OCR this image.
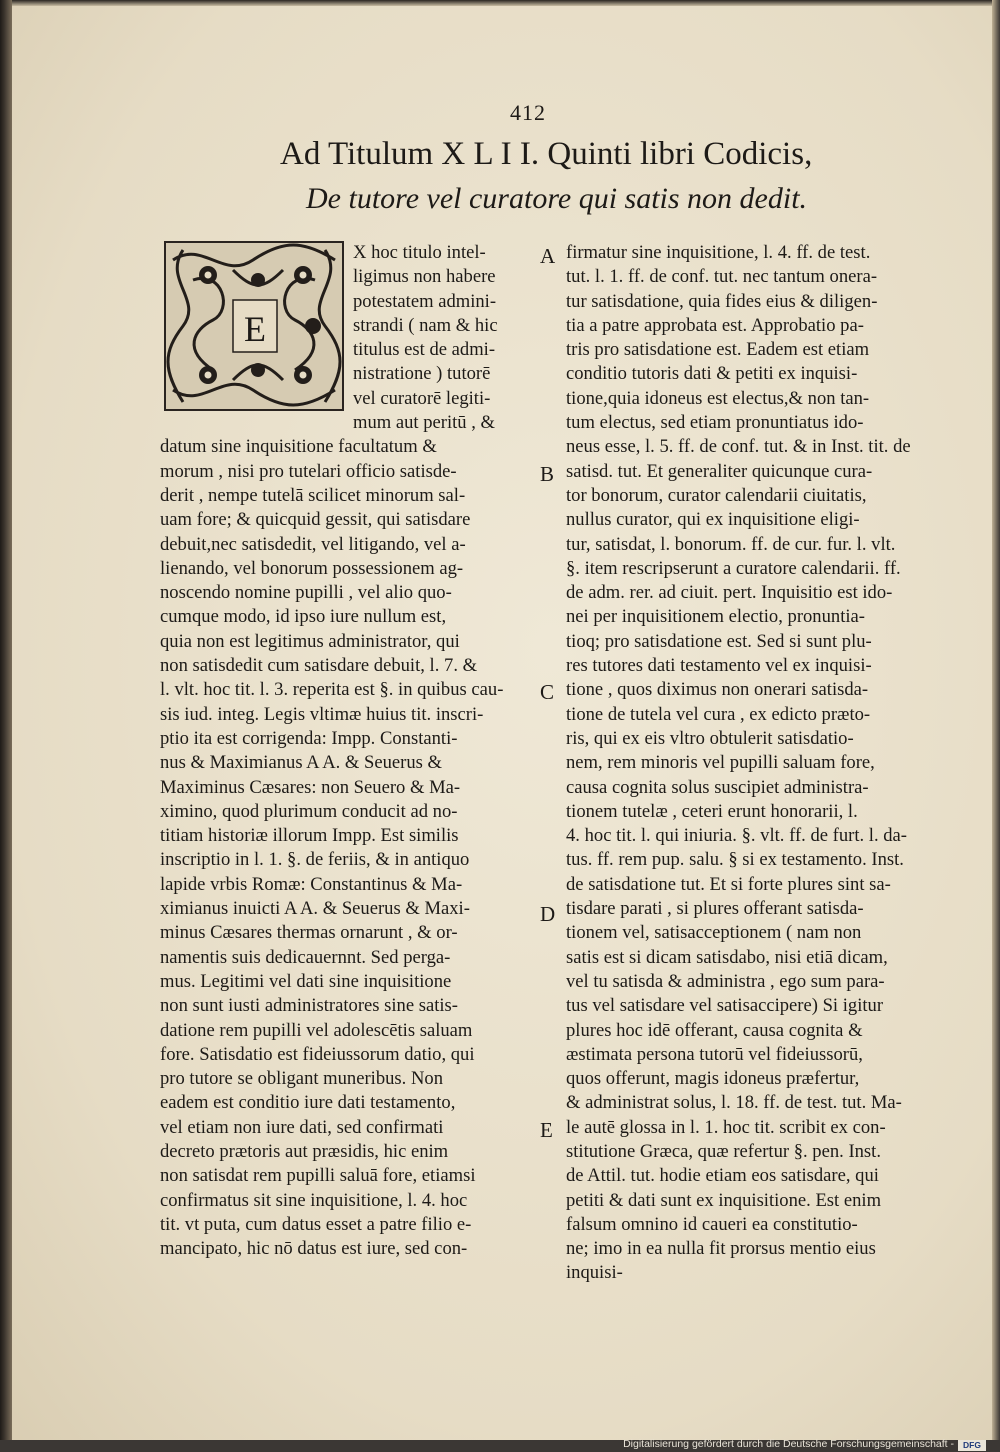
412
Ad Titulum X L I I. Quinti libri Codicis,
De tutore vel curatore qui satis non dedit.
E
X hoc titulo intel-
ligimus non habere
potestatem admini-
strandi ( nam & hic
titulus est de admi-
nistratione ) tutorē
vel curatorē legiti-
mum aut peritū , &
datum sine inquisitione facultatum &
morum , nisi pro tutelari officio satisde-
derit , nempe tutelā scilicet minorum sal-
uam fore; & quicquid gessit, qui satisdare
debuit,nec satisdedit, vel litigando, vel a-
lienando, vel bonorum possessionem ag-
noscendo nomine pupilli , vel alio quo-
cumque modo, id ipso iure nullum est,
quia non est legitimus administrator, qui
non satisdedit cum satisdare debuit, l. 7. &
l. vlt. hoc tit. l. 3. reperita est §. in quibus cau-
sis iud. integ. Legis vltimæ huius tit. inscri-
ptio ita est corrigenda: Impp. Constanti-
nus & Maximianus A A. & Seuerus &
Maximinus Cæsares: non Seuero & Ma-
ximino, quod plurimum conducit ad no-
titiam historiæ illorum Impp. Est similis
inscriptio in l. 1. §. de feriis, & in antiquo
lapide vrbis Romæ: Constantinus & Ma-
ximianus inuicti A A. & Seuerus & Maxi-
minus Cæsares thermas ornarunt , & or-
namentis suis dedicauernnt. Sed perga-
mus. Legitimi vel dati sine inquisitione
non sunt iusti administratores sine satis-
datione rem pupilli vel adolescētis saluam
fore. Satisdatio est fideiussorum datio, qui
pro tutore se obligant muneribus. Non
eadem est conditio iure dati testamento,
vel etiam non iure dati, sed confirmati
decreto prætoris aut præsidis, hic enim
non satisdat rem pupilli saluā fore, etiamsi
confirmatus sit sine inquisitione, l. 4. hoc
tit. vt puta, cum datus esset a patre filio e-
mancipato, hic nō datus est iure, sed con-
firmatur sine inquisitione, l. 4. ff. de test.
tut. l. 1. ff. de conf. tut. nec tantum onera-
tur satisdatione, quia fides eius & diligen-
tia a patre approbata est. Approbatio pa-
tris pro satisdatione est. Eadem est etiam
conditio tutoris dati & petiti ex inquisi-
tione,quia idoneus est electus,& non tan-
tum electus, sed etiam pronuntiatus ido-
neus esse, l. 5. ff. de conf. tut. & in Inst. tit. de
satisd. tut. Et generaliter quicunque cura-
tor bonorum, curator calendarii ciuitatis,
nullus curator, qui ex inquisitione eligi-
tur, satisdat, l. bonorum. ff. de cur. fur. l. vlt.
§. item rescripserunt a curatore calendarii. ff.
de adm. rer. ad ciuit. pert. Inquisitio est ido-
nei per inquisitionem electio, pronuntia-
tioq; pro satisdatione est. Sed si sunt plu-
res tutores dati testamento vel ex inquisi-
tione , quos diximus non onerari satisda-
tione de tutela vel cura , ex edicto præto-
ris, qui ex eis vltro obtulerit satisdatio-
nem, rem minoris vel pupilli saluam fore,
causa cognita solus suscipiet administra-
tionem tutelæ , ceteri erunt honorarii, l.
4. hoc tit. l. qui iniuria. §. vlt. ff. de furt. l. da-
tus. ff. rem pup. salu. § si ex testamento. Inst.
de satisdatione tut. Et si forte plures sint sa-
tisdare parati , si plures offerant satisda-
tionem vel, satisacceptionem ( nam non
satis est si dicam satisdabo, nisi etiā dicam,
vel tu satisda & administra , ego sum para-
tus vel satisdare vel satisaccipere) Si igitur
plures hoc idē offerant, causa cognita &
æstimata persona tutorū vel fideiussorū,
quos offerunt, magis idoneus præfertur,
& administrat solus, l. 18. ff. de test. tut. Ma-
le autē glossa in l. 1. hoc tit. scribit ex con-
stitutione Græca, quæ refertur §. pen. Inst.
de Attil. tut. hodie etiam eos satisdare, qui
petiti & dati sunt ex inquisitione. Est enim
falsum omnino id caueri ea constitutio-
ne; imo in ea nulla fit prorsus mentio eius
inquisi-
A
B
C
D
E
Digitalisierung gefördert durch die Deutsche Forschungsgemeinschaft -	DFG
